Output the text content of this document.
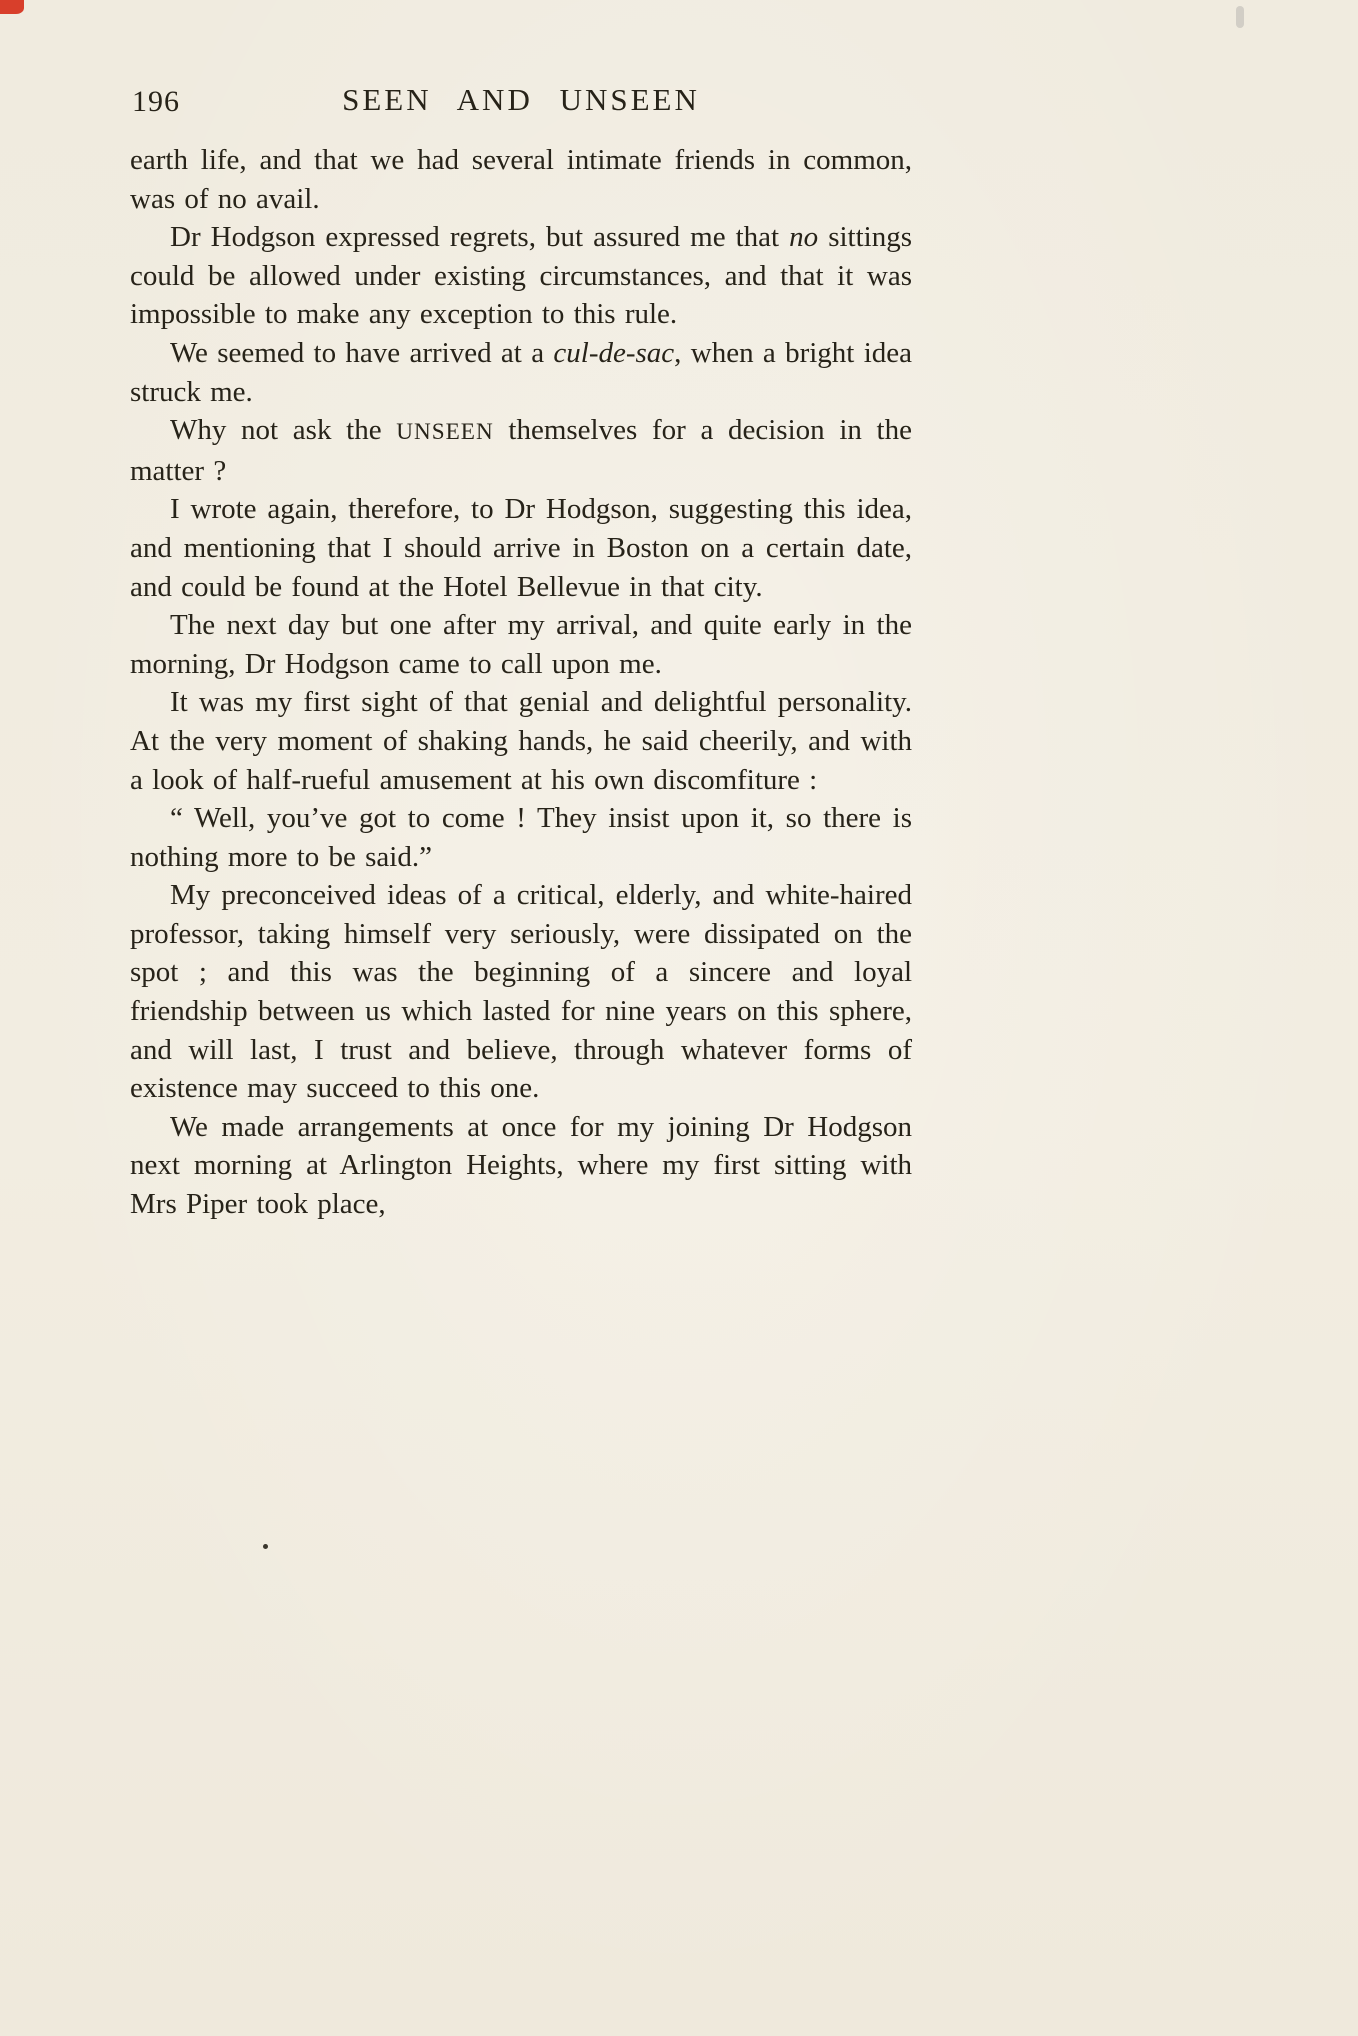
196	SEEN AND UNSEEN

earth life, and that we had several intimate friends in common, was of no avail.

Dr Hodgson expressed regrets, but assured me that no sittings could be allowed under existing circumstances, and that it was impossible to make any exception to this rule.

We seemed to have arrived at a cul-de-sac, when a bright idea struck me.

Why not ask the UNSEEN themselves for a decision in the matter ?

I wrote again, therefore, to Dr Hodgson, suggesting this idea, and mentioning that I should arrive in Boston on a certain date, and could be found at the Hotel Bellevue in that city.

The next day but one after my arrival, and quite early in the morning, Dr Hodgson came to call upon me.

It was my first sight of that genial and delightful personality. At the very moment of shaking hands, he said cheerily, and with a look of half-rueful amusement at his own discomfiture :

“ Well, you’ve got to come ! They insist upon it, so there is nothing more to be said.”

My preconceived ideas of a critical, elderly, and white-haired professor, taking himself very seriously, were dissipated on the spot ; and this was the beginning of a sincere and loyal friendship between us which lasted for nine years on this sphere, and will last, I trust and believe, through whatever forms of existence may succeed to this one.

We made arrangements at once for my joining Dr Hodgson next morning at Arlington Heights, where my first sitting with Mrs Piper took place,
